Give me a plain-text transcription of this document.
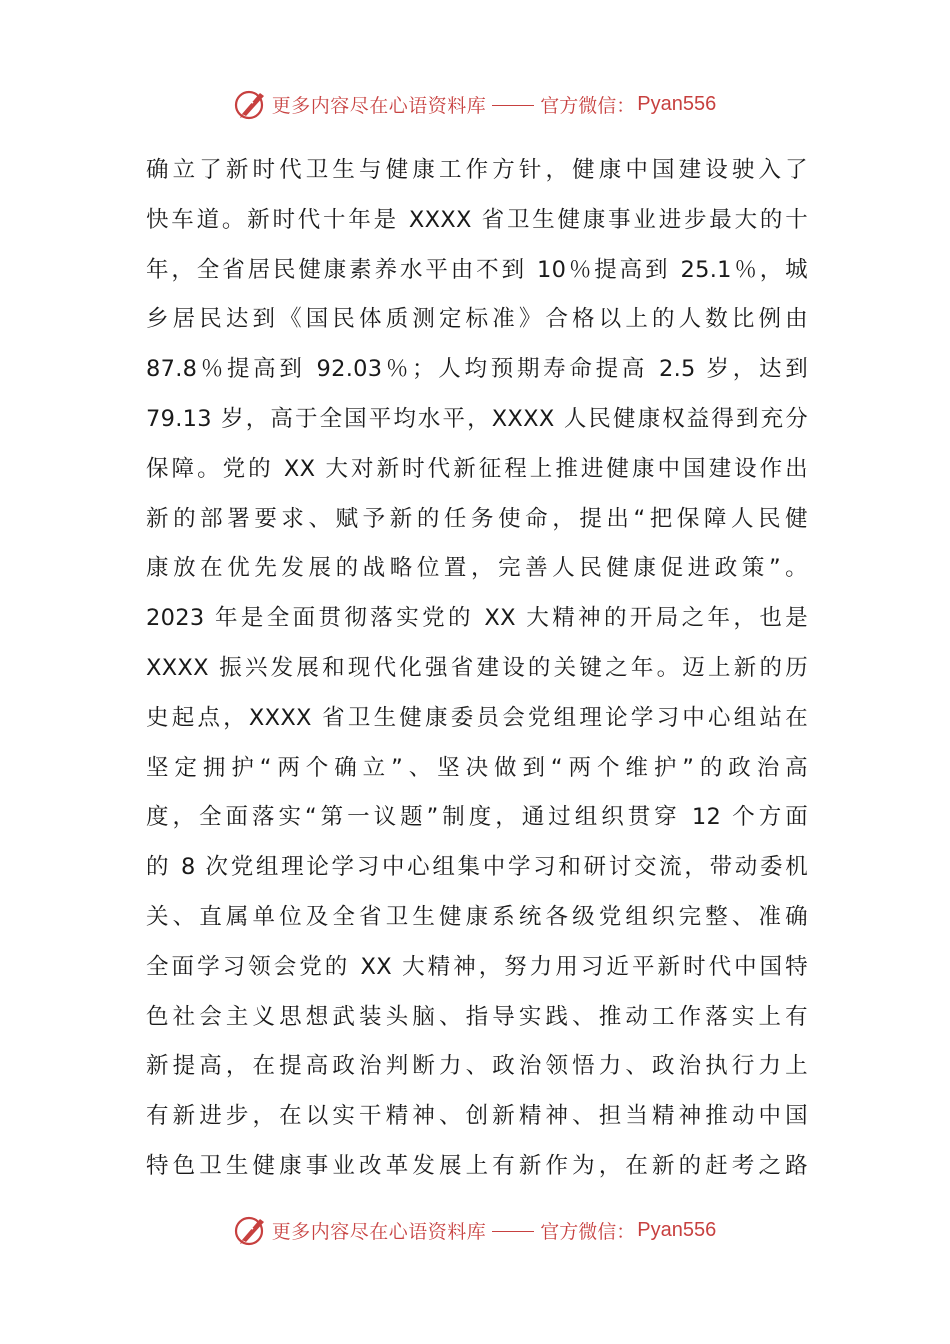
更多内容尽在心语资料库	官方微信： Pyan556
确立了新时代卫生与健康工作方针，健康中国建设驶入了
快车道。新时代十年是 XXXX 省卫生健康事业进步最大的十
年，全省居民健康素养水平由不到 10％提高到 25.1％，城
乡居民达到《国民体质测定标准》合格以上的人数比例由
87.8％提高到 92.03％；人均预期寿命提高 2.5 岁，达到
79.13 岁，高于全国平均水平，XXXX 人民健康权益得到充分
保障。党的 XX 大对新时代新征程上推进健康中国建设作出
新的部署要求、赋予新的任务使命，提出“把保障人民健
康放在优先发展的战略位置，完善人民健康促进政策”。
2023 年是全面贯彻落实党的 XX 大精神的开局之年，也是
XXXX 振兴发展和现代化强省建设的关键之年。迈上新的历
史起点，XXXX 省卫生健康委员会党组理论学习中心组站在
坚定拥护“两个确立”、坚决做到“两个维护”的政治高
度，全面落实“第一议题”制度，通过组织贯穿 12 个方面
的 8 次党组理论学习中心组集中学习和研讨交流，带动委机
关、直属单位及全省卫生健康系统各级党组织完整、准确
全面学习领会党的 XX 大精神，努力用习近平新时代中国特
色社会主义思想武装头脑、指导实践、推动工作落实上有
新提高，在提高政治判断力、政治领悟力、政治执行力上
有新进步，在以实干精神、创新精神、担当精神推动中国
特色卫生健康事业改革发展上有新作为，在新的赶考之路
更多内容尽在心语资料库	官方微信： Pyan556
